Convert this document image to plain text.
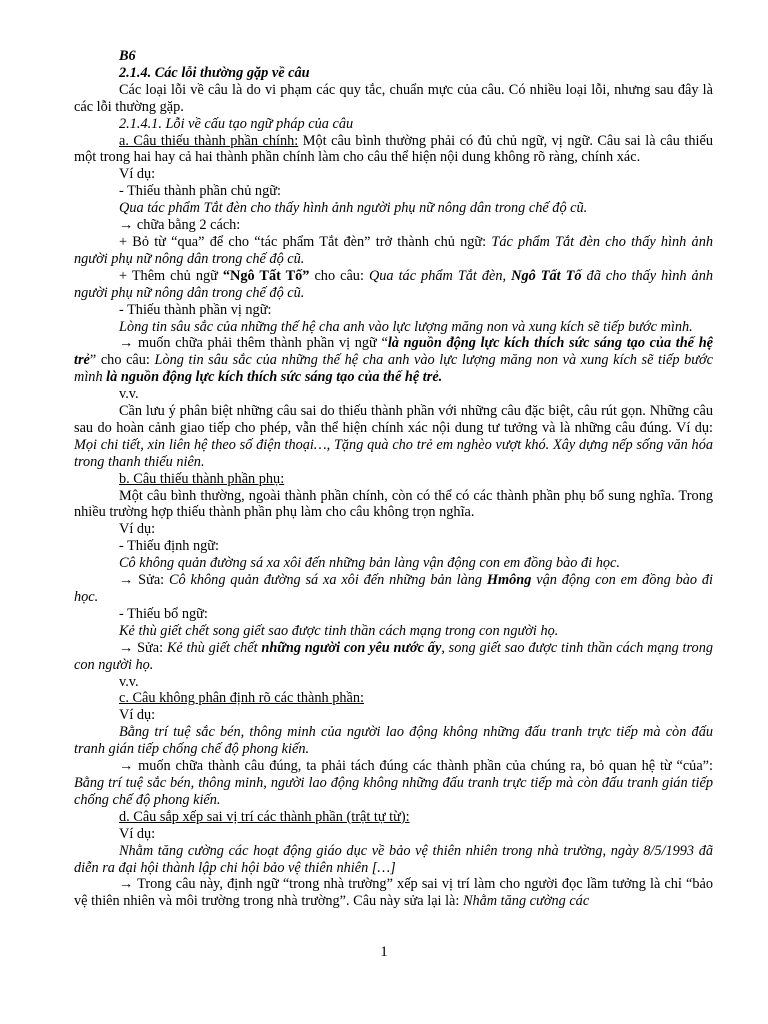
B6

2.1.4. Các lỗi thường gặp về câu

Các loại lỗi về câu là do vi phạm các quy tắc, chuẩn mực của câu. Có nhiều loại lỗi, nhưng sau đây là các lỗi thường gặp.

2.1.4.1. Lỗi về cấu tạo ngữ pháp của câu

a. Câu thiếu thành phần chính: Một câu bình thường phải có đủ chủ ngữ, vị ngữ. Câu sai là câu thiếu một trong hai hay cả hai thành phần chính làm cho câu thể hiện nội dung không rõ ràng, chính xác.

Ví dụ:

- Thiếu thành phần chủ ngữ:

Qua tác phẩm Tắt đèn cho thấy hình ảnh người phụ nữ nông dân trong chế độ cũ.

→ chữa bằng 2 cách:

+ Bỏ từ “qua” để cho “tác phẩm Tắt đèn” trở thành chủ ngữ: Tác phẩm Tắt đèn cho thấy hình ảnh người phụ nữ nông dân trong chế độ cũ.

+ Thêm chủ ngữ “Ngô Tất Tố” cho câu: Qua tác phẩm Tắt đèn, Ngô Tất Tố đã cho thấy hình ảnh người phụ nữ nông dân trong chế độ cũ.

- Thiếu thành phần vị ngữ:

Lòng tin sâu sắc của những thế hệ cha anh vào lực lượng măng non và xung kích sẽ tiếp bước mình.

→ muốn chữa phải thêm thành phần vị ngữ “là nguồn động lực kích thích sức sáng tạo của thế hệ trẻ” cho câu: Lòng tin sâu sắc của những thế hệ cha anh vào lực lượng măng non và xung kích sẽ tiếp bước mình là nguồn động lực kích thích sức sáng tạo của thế hệ trẻ.

v.v.

Cần lưu ý phân biệt những câu sai do thiếu thành phần với những câu đặc biệt, câu rút gọn. Những câu sau do hoàn cảnh giao tiếp cho phép, vẫn thể hiện chính xác nội dung tư tưởng và là những câu đúng. Ví dụ: Mọi chi tiết, xin liên hệ theo số điện thoại…, Tặng quà cho trẻ em nghèo vượt khó. Xây dựng nếp sống văn hóa trong thanh thiếu niên.

b. Câu thiếu thành phần phụ:

Một câu bình thường, ngoài thành phần chính, còn có thể có các thành phần phụ bổ sung nghĩa. Trong nhiều trường hợp thiếu thành phần phụ làm cho câu không trọn nghĩa.

Ví dụ:

- Thiếu định ngữ:

Cô không quản đường sá xa xôi đến những bản làng vận động con em đồng bào đi học.

→ Sửa: Cô không quản đường sá xa xôi đến những bản làng Hmông vận động con em đồng bào đi học.

- Thiếu bổ ngữ:

Kẻ thù giết chết song giết sao được tinh thần cách mạng trong con người họ.

→ Sửa: Kẻ thù giết chết những người con yêu nước ấy, song giết sao được tinh thần cách mạng trong con người họ.

v.v.

c. Câu không phân định rõ các thành phần:

Ví dụ:

Bằng trí tuệ sắc bén, thông minh của người lao động không những đấu tranh trực tiếp mà còn đấu tranh gián tiếp chống chế độ phong kiến.

→ muốn chữa thành câu đúng, ta phải tách đúng các thành phần của chúng ra, bỏ quan hệ từ “của”: Bằng trí tuệ sắc bén, thông minh, người lao động không những đấu tranh trực tiếp mà còn đấu tranh gián tiếp chống chế độ phong kiến.

d. Câu sắp xếp sai vị trí các thành phần (trật tự từ):

Ví dụ:

Nhằm tăng cường các hoạt động giáo dục về bảo vệ thiên nhiên trong nhà trường, ngày 8/5/1993 đã diễn ra đại hội thành lập chi hội bảo vệ thiên nhiên […]

→ Trong câu này, định ngữ “trong nhà trường” xếp sai vị trí làm cho người đọc lầm tưởng là chỉ “bảo vệ thiên nhiên và môi trường trong nhà trường”. Câu này sửa lại là: Nhằm tăng cường các

1
